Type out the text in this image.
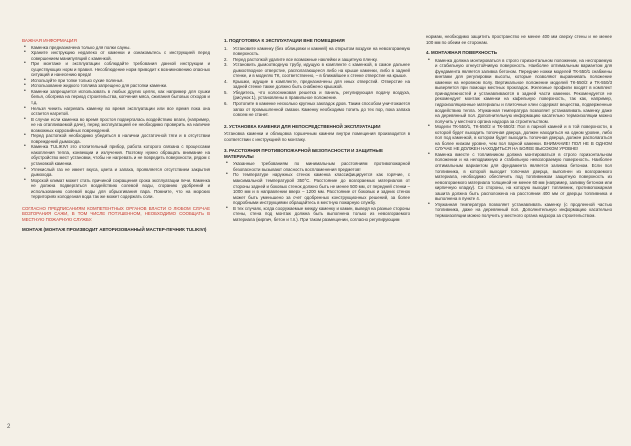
ВАЖНАЯ ИНФОРМАЦИЯ
• Каменка предназначена только для полки сауны.
• Храните инструкцию недалеко от каменки и ознакомьтесь с инструкцией перед совершением манипуляций с каменкой.
• При монтаже и эксплуатации соблюдайте требования данной инструкции и существующих норм и правил. Несоблюдение норм приводит к возникновению опасных ситуаций и нанесению вреда!
• Используйте при топке только сухие поленья.
• Использование жидкого топлива запрещено для растопки каменки.
• Каменки запрещается использовать в любых других целях, как например для сушки белья, обогрева на период строительства, копчения мяса, сжигания бытовых отходов и т.д.
• Нельзя чинить нагревать каменку во время эксплуатации или все время пока она остается нагретой.
• В случае если каменка во время простоя подвергалась воздействию влаги, (например, не на отапливаемой даче), перед эксплуатацией ее необходимо проверить на наличие возможных коррозийных повреждений.
• Перед растопкой необходимо убедиться в наличии достаточной тяги и в отсутствии повреждений дымохода.
• Каменка TULIKIVI это отопительный прибор, работа которого связана с процессами накопления тепла, конвекции и излучения. Поэтому нужно обращать внимание на обустройство мест установки, чтобы не нагревать и не повредить поверхности, рядом с установкой каменки.
• Углекислый газ не имеет вкуса, цвета и запаха, проявляется отсутствием закрытия дымохода.
• Морской климат может стать причиной сокращения срока эксплуатации печи. Каменка не должна подвергаться воздействию солевой воды, сгоранию удобрений и использованию солевой воды для обрызгивания пара. Помните, что на морских территориях колодезная вода так же может содержать соли.

СОГЛАСНО ПРЕДПИСАНИЯМ КОМПЕТЕНТНЫХ ОРГАНОВ ВЛАСТИ О ЛЮБОМ СЛУЧАЕ ВОЗГОРАНИЯ САЖИ, В ТОМ ЧИСЛЕ ПОТУШЕННОМ, НЕОБХОДИМО СООБЩАТЬ В МЕСТНУЮ ПОЖАРНУЮ СЛУЖБУ.

МОНТАЖ (МОНТАЖ ПРОИЗВОДИТ АВТОРИЗОВАННЫЙ МАСТЕР-ПЕЧНИК TULIKIVI)

1. ПОДГОТОВКА К ЭКСПЛУАТАЦИИ ВНЕ ПОМЕЩЕНИЯ
1. Установите каменку (без облицовки и камней) на открытом воздухе на невозгораемую поверхность.
2. Перед растопкой удалите все возможные наклейки и защитную пленку.
3. Установить дымоотводную трубу, идущую в комплекте с каменкой, в самое дальнее дымоотводное отверстие, располагающееся либо на крыше каменки, либо в задней стенке, и в моделях ТК, соответственно, – в ближайшее к стенке отверстие на крыше.
4. Крышки, идущие в комплекте, предназначены для иных отверстий. Отверстие на задней стенке также должно быть снабжено крышкой.
5. Убедитесь, что колосниковая решетка и панель, регулирующая подачу воздуха, (рисунок 1), установлены в правильное положение.
6. Протопите в каменке несколько крупных закладок дров. Таким способом уничтожается запах от промышленной смазки. Каменку необходимо топить до тех пор, пока запаха совсем не станет.
2. УСТАНОВКА КАМЕНКИ ДЛЯ НЕПОСРЕДСТВЕННОЙ ЭКСПЛУАТАЦИИ

Установка каменки и облицовка горшечным камнем внутри помещения производится в соответствии с инструкцией по монтажу.

3. РАССТОЯНИЯ ПРОТИВОПОЖАРНОЙ БЕЗОПАСНОСТИ И ЗАЩИТНЫЕ МАТЕРИАЛЫ
• Указанные требованиям по минимальным расстояниям противопожарной безопасности вызывают опасность воспламенения предметов!
• По температуре наружных стенок каменка классифицируется как горячие, с максимальной температурой 350°С. Расстояние до возгораемых материалов от стороны задней и боковых стенок должно быть не менее 500 мм, от передней стенки – 1000 мм и в направлении вверх – 1200 мм. Расстояние от боковых и задних стенок может быть уменьшено за счет одобренных конструкционных решений, за более подробными инструкциями обращайтесь в местную пожарную службу.
• В тех случаях, когда сооружаемые между каменку и камин, выведя на разные стороны стены, стена под монтаж должна быть выполнена только из невозгораемого материала (кирпич, бетон и т.п.). При таком размещении, согласно регулирующим

нормам, необходимо защитить пространство не менее 400 мм сверху стены и не менее 100 мм по обеим ее сторонам.

4. МОНТАЖНАЯ ПОВЕРХНОСТЬ
• Каменка должна монтироваться в строго горизонтальном положении, на несгораемую и стабильную огнеустойчивую поверхность. Наиболее оптимальным вариантом для фундамента является заливка бетоном. Передние ножки моделей ТК-550/1 снабжены винтами для регулировки высоты, которые позволяют выравнивать положение каменки на неровном полу. Вертикальное положение моделей ТК-550/2 и ТК-550/3 выверяется при помощи местных прокладок. Железные профили входят в комплект принадлежностей и устанавливаются в задней части каменки. Рекомендуется не рекомендует монтаж каменки на кафельную поверхность, так как, например, гидроизоляционные материалы и плиточные клеи содержат вещества, подверженные воздействию тепла. Упужанная температура позволяет устанавливать каменку даже на деревянный пол. Дополнительную информацию касательно термоизоляции можно получить у местного органа надзора за строительством.
• Модели ТК-550/1, ТК-550/2 и ТК-550/3: Пол в парной камней и в той поверхности, в которой будет выходить топочная дверца, должен находиться на одном уровне, либо пол под каменкой, в котором будет выходить топочная дверца, должен располагаться на более низком уровне, чем пол парной каменки. ВНИМАНИЕ! ПОЛ НЕ В ОДНОМ СЛУЧАЕ НЕ ДОЛЖЕН НАХОДИТЬСЯ НА БОЛЕЕ ВЫСОКОМ УРОВНЕ!
• Каменка вместе с топливником должна монтироваться в строго горизонтальном положении и на неподвижную и стабильную невозгораемую поверхность. Наиболее оптимальным вариантом для фундамента является заливка бетоном. Если пол топливника, в которой выходит топочная дверца, выполнен из возгораемого материала, необходимо обеспечить под топливником защитную поверхность из невозгораемого материала толщиной не менее 60 мм (например, заливку бетоном или кирпичную кладку). Со стороны, на которую выходит топливник, противопожарная зашита должна быть расположена на расстоянии 400 мм от дверцы топливника и выполнена в пункте 4.
• Упужанная температура позволяет устанавливать каменку (с продленной частью топливника, даже на деревянный пол. Дополнительную информацию касательно термоизоляции можно получить у местного органа надзора за строительством.
2
